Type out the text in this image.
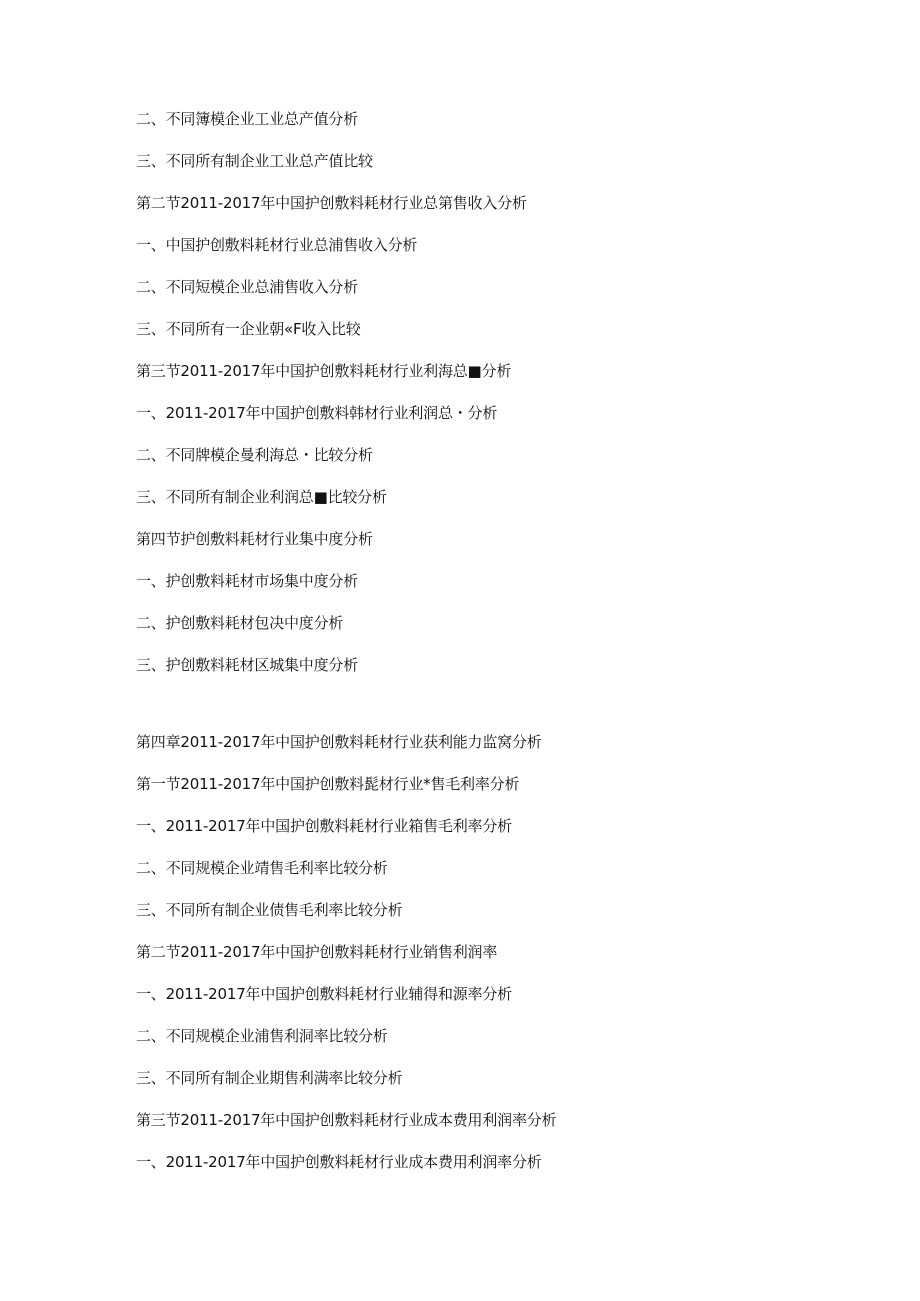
二、不同簿模企业工业总产值分析
三、不同所有制企业工业总产值比较
第二节2011-2017年中国护创敷料耗材行业总第售收入分析
一、中国护创敷料耗材行业总浦售收入分析
二、不同短模企业总浦售收入分析
三、不同所有一企业朝«F收入比较
第三节2011-2017年中国护创敷料耗材行业利海总■分析
一、2011-2017年中国护创敷料韩材行业利润总・分析
二、不同牌模企曼利海总・比较分析
三、不同所有制企业利润总■比较分析
第四节护创敷料耗材行业集中度分析
一、护创敷料耗材市场集中度分析
二、护创敷料耗材包决中度分析
三、护创敷料耗材区城集中度分析
第四章2011-2017年中国护创敷料耗材行业获利能力监窝分析
第一节2011-2017年中国护创敷料髭材行业*售毛利率分析
一、2011-2017年中国护创敷料耗材行业箱售毛利率分析
二、不同规模企业靖售毛利率比较分析
三、不同所有制企业债售毛利率比较分析
第二节2011-2017年中国护创敷料耗材行业销售利润率
一、2011-2017年中国护创敷料耗材行业辅得和源率分析
二、不同规模企业浦售利洞率比较分析
三、不同所有制企业期售利满率比较分析
第三节2011-2017年中国护创敷料耗材行业成本费用利润率分析
一、2011-2017年中国护创敷料耗材行业成本费用利润率分析
